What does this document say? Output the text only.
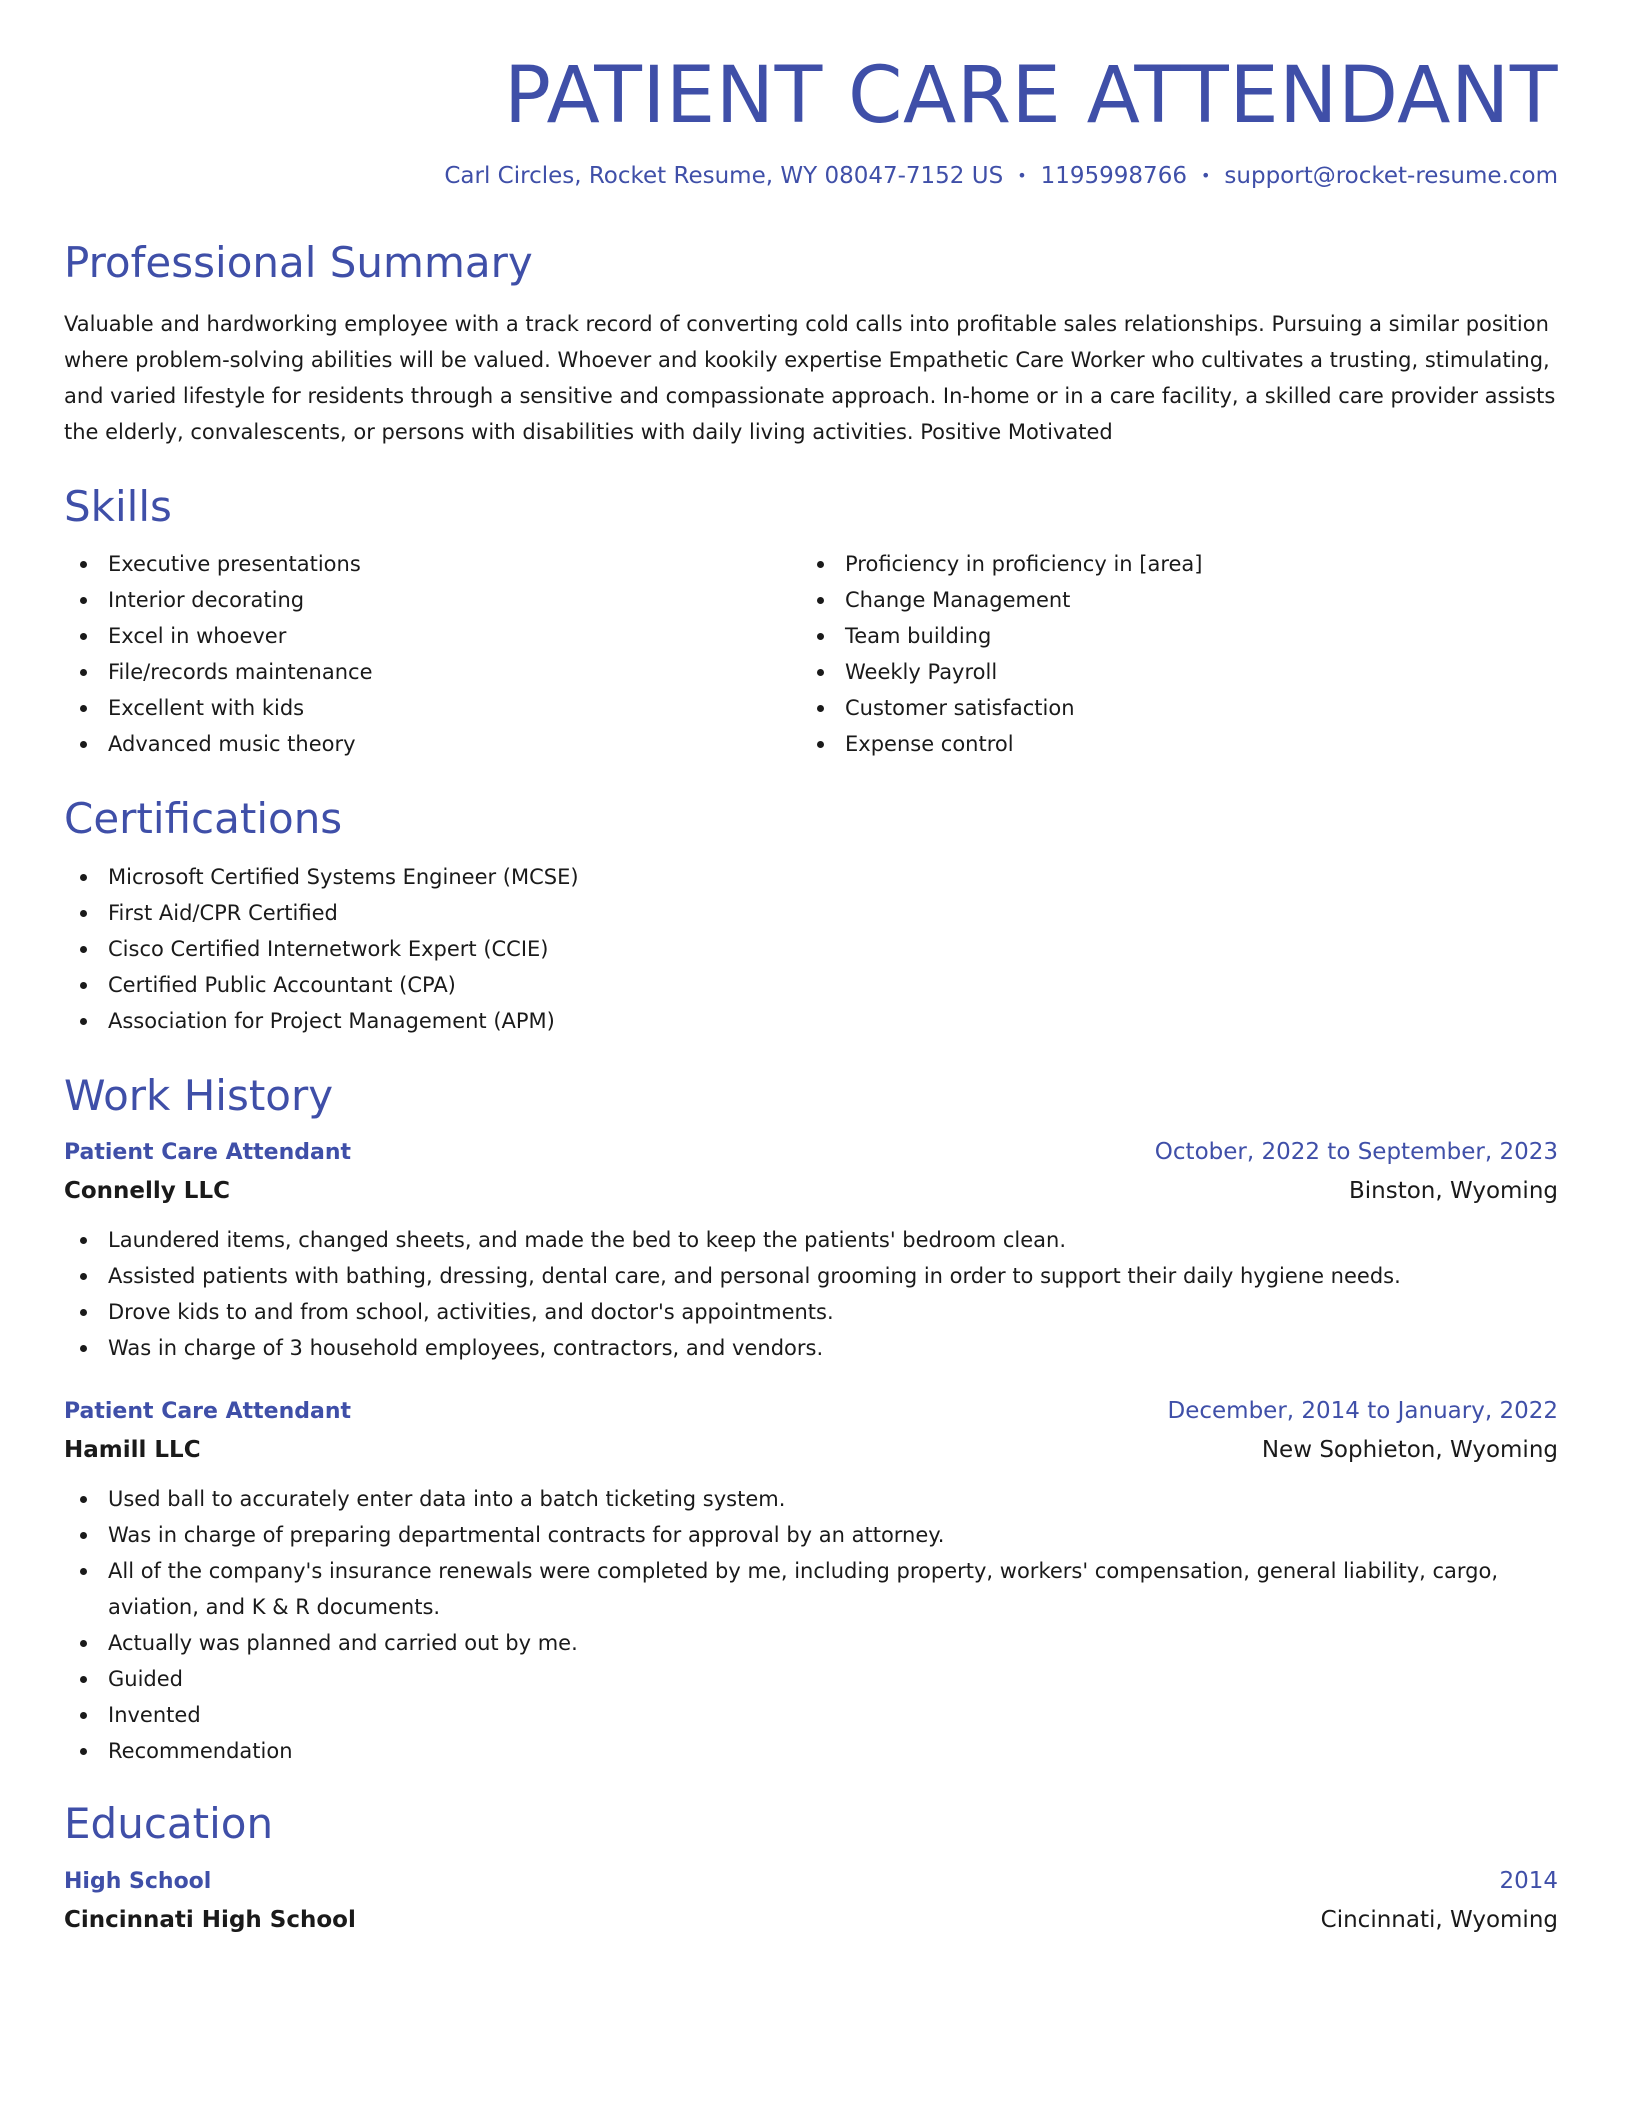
PATIENT CARE ATTENDANT
Carl Circles, Rocket Resume, WY 08047-7152 US • 1195998766 • support@rocket-resume.com
Professional Summary

Valuable and hardworking employee with a track record of converting cold calls into profitable sales relationships. Pursuing a similar position where problem-solving abilities will be valued. Whoever and kookily expertise Empathetic Care Worker who cultivates a trusting, stimulating, and varied lifestyle for residents through a sensitive and compassionate approach. In-home or in a care facility, a skilled care provider assists the elderly, convalescents, or persons with disabilities with daily living activities. Positive Motivated

Skills
Executive presentations
Interior decorating
Excel in whoever
File/records maintenance
Excellent with kids
Advanced music theory
Proficiency in proficiency in [area]
Change Management
Team building
Weekly Payroll
Customer satisfaction
Expense control
Certifications
Microsoft Certified Systems Engineer (MCSE)
First Aid/CPR Certified
Cisco Certified Internetwork Expert (CCIE)
Certified Public Accountant (CPA)
Association for Project Management (APM)
Work History
Patient Care Attendant	October, 2022 to September, 2023
Connelly LLC	Binston, Wyoming
Laundered items, changed sheets, and made the bed to keep the patients' bedroom clean.
Assisted patients with bathing, dressing, dental care, and personal grooming in order to support their daily hygiene needs.
Drove kids to and from school, activities, and doctor's appointments.
Was in charge of 3 household employees, contractors, and vendors.
Patient Care Attendant	December, 2014 to January, 2022
Hamill LLC	New Sophieton, Wyoming
Used ball to accurately enter data into a batch ticketing system.
Was in charge of preparing departmental contracts for approval by an attorney.
All of the company's insurance renewals were completed by me, including property, workers' compensation, general liability, cargo, aviation, and K & R documents.
Actually was planned and carried out by me.
Guided
Invented
Recommendation
Education
High School	2014
Cincinnati High School	Cincinnati, Wyoming
